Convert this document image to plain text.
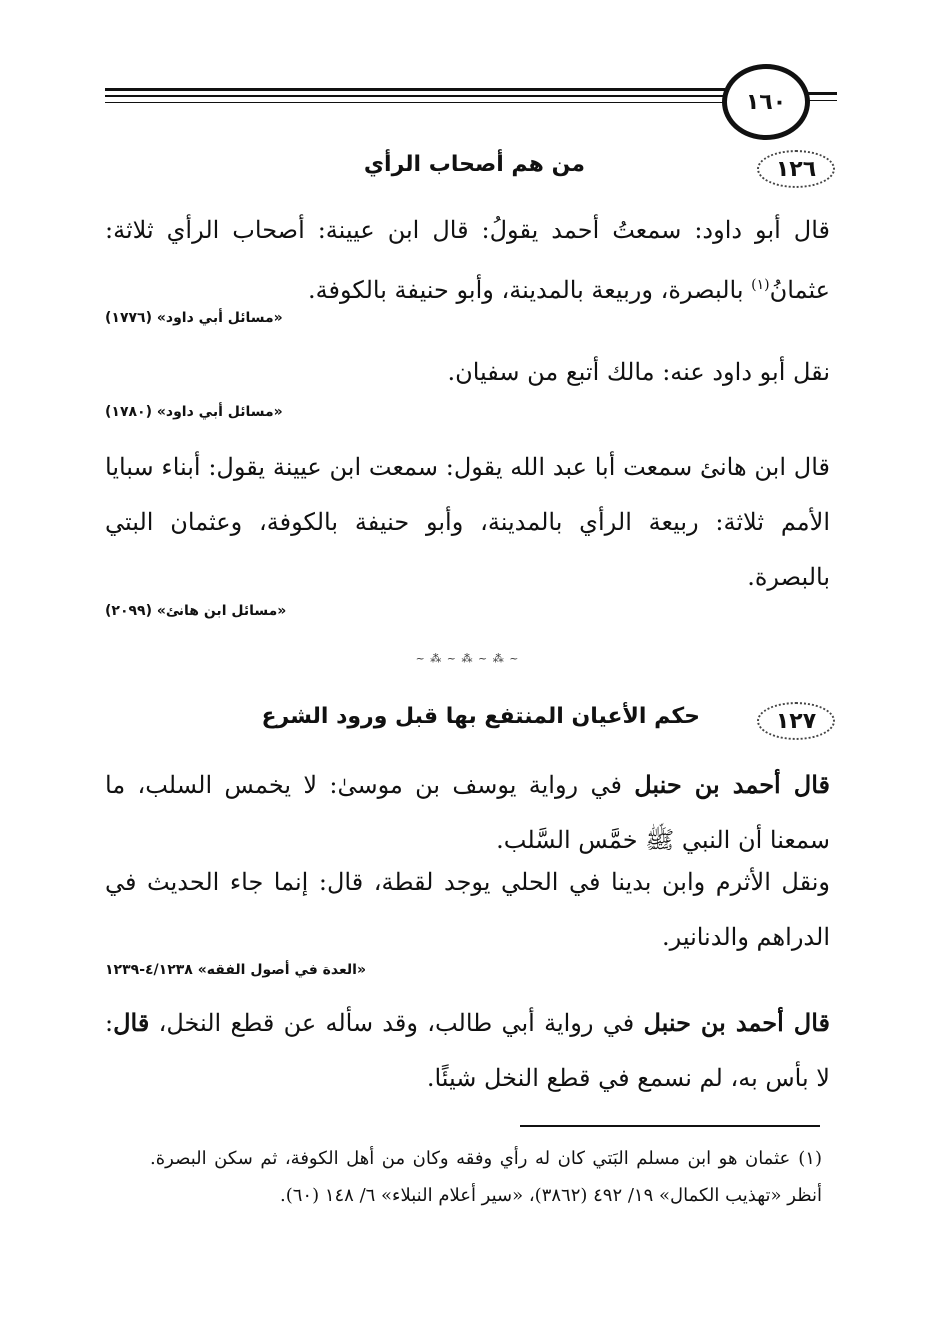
١٦٠
١٢٦
من هم أصحاب الرأي
قال أبو داود: سمعتُ أحمد يقولُ: قال ابن عيينة: أصحاب الرأي ثلاثة: عثمانُ$^{(١)}$ بالبصرة، وربيعة بالمدينة، وأبو حنيفة بالكوفة.
«مسائل أبي داود» (١٧٧٦)
نقل أبو داود عنه: مالك أتبع من سفيان.
«مسائل أبي داود» (١٧٨٠)
قال ابن هانئ سمعت أبا عبد الله يقول: سمعت ابن عيينة يقول: أبناء سبايا الأمم ثلاثة: ربيعة الرأي بالمدينة، وأبو حنيفة بالكوفة، وعثمان البتي بالبصرة.
«مسائل ابن هانئ» (٢٠٩٩)
~ ⁂ ~ ⁂ ~ ⁂ ~
١٢٧
حكم الأعيان المنتفع بها قبل ورود الشرع
قال أحمد بن حنبل في رواية يوسف بن موسىٰ: لا يخمس السلب، ما سمعنا أن النبي ﷺ خمَّس السَّلب.
ونقل الأثرم وابن بدينا في الحلي يوجد لقطة، قال: إنما جاء الحديث في الدراهم والدنانير.
«العدة في أصول الفقه» ٤/١٢٣٨-١٢٣٩
قال أحمد بن حنبل في رواية أبي طالب، وقد سأله عن قطع النخل، قال: لا بأس به، لم نسمع في قطع النخل شيئًا.
(١)عثمان هو ابن مسلم البَتي كان له رأي وفقه وكان من أهل الكوفة، ثم سكن البصرة. أنظر «تهذيب الكمال» ١٩/ ٤٩٢ (٣٨٦٢)، «سير أعلام النبلاء» ٦/ ١٤٨ (٦٠).
